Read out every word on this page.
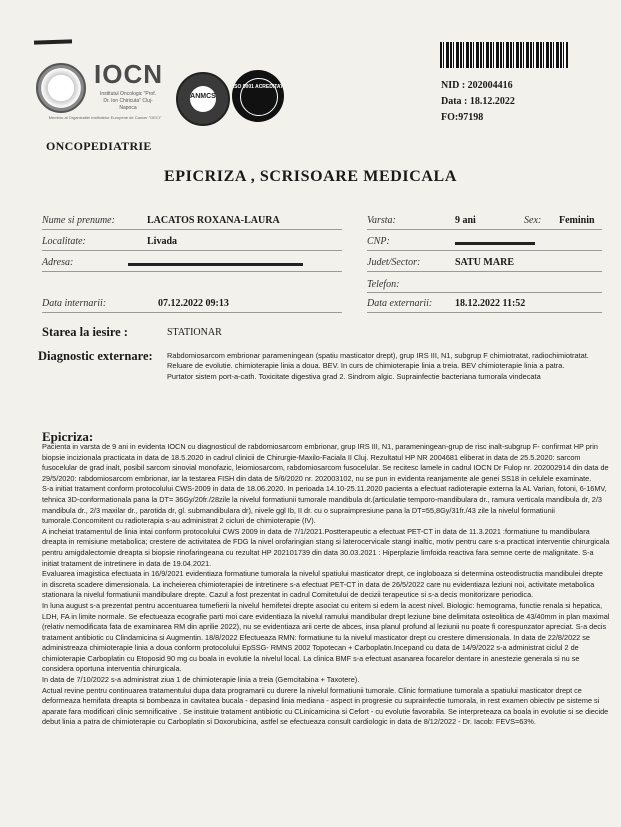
IOCN
Institutul Oncologic "Prof. Dr. Ion Chiricuta" Cluj-Napoca
Membru al Organizatiei Institutelor Europene de Cancer "OECI"
ANMCS
ISO 9001 ACREDITAT	NID : 202004416
Data : 18.12.2022
FO:97198
ONCOPEDIATRIE
EPICRIZA , SCRISOARE MEDICALA
Nume si prenume:	LACATOS ROXANA-LAURA	Varsta:	9 ani	Sex: Feminin
Localitate:	Livada	CNP:
Adresa:	Judet/Sector:	SATU MARE
Telefon:
Data internarii:	07.12.2022 09:13	Data externarii: 18.12.2022 11:52
Starea la iesire :	STATIONAR
Diagnostic externare: Rabdomiosarcom embrionar parameningean (spatiu masticator drept), grup IRS III, N1, subgrup F chimiotratat, radiochimiotratat. Reluare de evolutie. chimioterapie linia a doua. BEV. In curs de chimioterapie linia a treia. BEV chimioterapie linia a patra.
Purtator sistem port-a-cath. Toxicitate digestiva grad 2. Sindrom algic. Suprainfectie bacteriana tumorala vindecata
Epicriza:

Pacienta in varsta de 9 ani in evidenta IOCN cu diagnosticul de rabdomiosarcom embrionar, grup IRS III, N1, parameningean-grup de risc inalt-subgrup F- confirmat HP prin biopsie incizionala practicata in data de 18.5.2020 in cadrul clinicii de Chirurgie-Maxilo-Faciala II Cluj. Rezultatul HP NR 2004681 eliberat in data de 25.5.2020: sarcom fusocelular de grad inalt, posibil sarcom sinovial monofazic, leiomiosarcom, rabdomiosarcom fusocelular. Se recitesc lamele in cadrul IOCN Dr Fulop nr. 202002914 din data de 29/5/2020: rabdomiosarcom embrionar, iar la testarea FISH din data de 5/6/2020 nr. 202003102, nu se pun in evidenta reanjamente ale genei SS18 in celulele examinate.

S-a initiat tratament conform protocolului CWS-2009 in data de 18.06.2020. In perioada 14.10-25.11.2020 pacienta a efectuat radioterapie externa la AL Varian, fotoni, 6-16MV, tehnica 3D-conformationala pana la DT= 36Gy/20fr./28zile la nivelul formatiunii tumorale mandibula dr.(articulatie temporo-mandibulara dr., ramura verticala mandibula dr, 2/3 mandibula dr., 2/3 maxilar dr., parotida dr, gl. submandibulara dr), nivele ggl Ib, II dr. cu o supraimpresiune pana la DT=55,8Gy/31fr./43 zile la nivelul formatiunii tumorale.Concomitent cu radioterapia s-au administrat 2 cicluri de chimioterapie (IV).

A incheiat tratamentul de linia intai conform protocolului CWS 2009 in data de 7/1/2021.Postterapeutic a efectuat PET-CT in data de 11.3.2021 :formatiune tu mandibulara dreapta in remisiune metabolica; crestere de activitatea de FDG la nivel orofaringian stang si laterocervicale stangi inaltic, motiv pentru care s-a practicat interventie chirurgicala pentru amigdalectomie dreapta si biopsie rinofaringeana cu rezultat HP 202101739 din data 30.03.2021 : Hiperplazie limfoida reactiva fara semne certe de malignitate. S-a initiat tratament de intretinere in data de 19.04.2021.

Evaluarea imagistica efectuata in 16/9/2021 evidentiaza formatiune tumorala la nivelul spatiului masticator drept, ce ingloboaza si determina osteodistructia mandibulei drepte in discreta scadere dimensionala. La incheierea chimioterapiei de intretinere s-a efectuat PET-CT in data de 26/5/2022 care nu evidentiaza leziuni noi, activitate metabolica stationara la nivelul formatiunii mandibulare drepte. Cazul a fost prezentat in cadrul Comitetului de decizii terapeutice si s-a decis monitorizare periodica.

In luna august s-a prezentat pentru accentuarea tumefierii la nivelul hemifetei drepte asociat cu eritem si edem la acest nivel. Biologic: hemograma, functie renala si hepatica, LDH, FA in limite normale. Se efectueaza ecografie parti moi care evidentiaza la nivelul ramului mandibular drept leziune bine delimitata osteolitica de 43/40mm in plan maximal (relativ nemodificata fata de examinarea RM din aprilie 2022), nu se evidentiaza arii certe de abces, insa planul profund al leziunii nu poate fi corespunzator apreciat. S-a decis tratament antibiotic cu Clindamicina si Augmentin. 18/8/2022 Efectueaza RMN: formatiune tu la nivelul masticator drept cu crestere dimensionala. In data de 22/8/2022 se administreaza chimioterapie linia a doua conform protocolului EpSSG- RMNS 2002 Topotecan + Carboplatin.Incepand cu data de 14/9/2022 s-a administrat ciclul 2 de chimioterapie Carboplatin cu Etoposid 90 mg cu boala in evolutie la nivelul local. La clinica BMF s-a efectuat asanarea focarelor dentare in anestezie generala si nu se considera oportuna interventia chirurgicala.

In data de 7/10/2022 s-a administrat ziua 1 de chimioterapie linia a treia (Gemcitabina + Taxotere).

Actual revine pentru continuarea tratamentului dupa data programarii cu durere la nivelul formatiunii tumorale. Clinic formatiune tumorala a spatiului masticator drept ce deformeaza hemifata dreapta si bombeaza in cavitatea bucala - depasind linia mediana - aspect in progresie cu suprainfectie tumorala, in rest examen obiectiv pe sisteme si aparate fara modificari clinic semnificative . Se instituie tratament antibiotic cu CLinicamicina si Cefort - cu evolutie favorabila. Se interpreteaza ca boala in evolutie si se diecide debut linia a patra de chimioterapie cu Carboplatin si Doxorubicina, astfel se efectueaza consult cardiologic in data de 8/12/2022 - Dr. Iacob: FEVS=63%.
